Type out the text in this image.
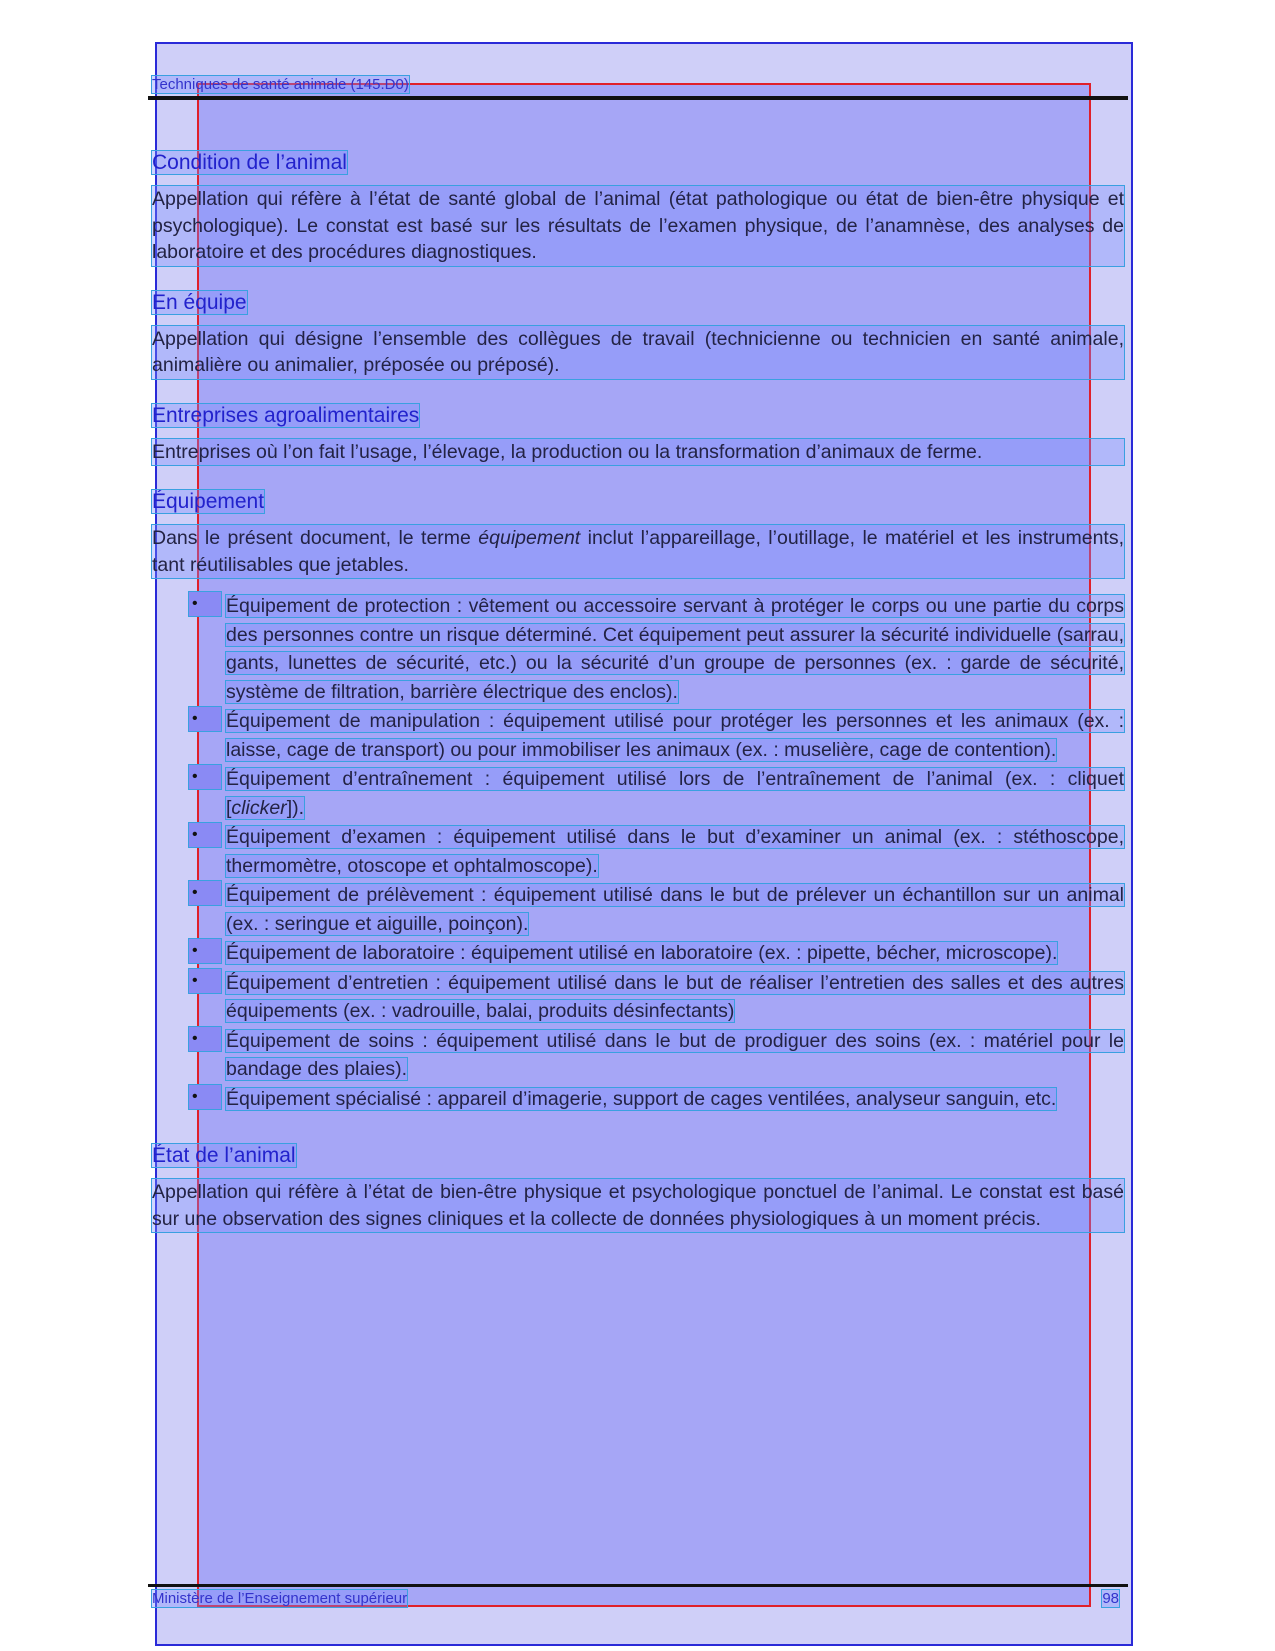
Techniques de santé animale (145.D0)
Condition de l’animal

Appellation qui réfère à l’état de santé global de l’animal (état pathologique ou état de bien-être physique et psychologique). Le constat est basé sur les résultats de l’examen physique, de l’anamnèse, des analyses de laboratoire et des procédures diagnostiques.

En équipe

Appellation qui désigne l’ensemble des collègues de travail (technicienne ou technicien en santé animale, animalière ou animalier, préposée ou préposé).

Entreprises agroalimentaires

Entreprises où l’on fait l’usage, l’élevage, la production ou la transformation d’animaux de ferme.

Équipement

Dans le présent document, le terme équipement inclut l’appareillage, l’outillage, le matériel et les instruments, tant réutilisables que jetables.

•	Équipement de protection : vêtement ou accessoire servant à protéger le corps ou une partie du corps des personnes contre un risque déterminé. Cet équipement peut assurer la sécurité individuelle (sarrau, gants, lunettes de sécurité, etc.) ou la sécurité d’un groupe de personnes (ex. : garde de sécurité, système de filtration, barrière électrique des enclos).
•	Équipement de manipulation : équipement utilisé pour protéger les personnes et les animaux (ex. : laisse, cage de transport) ou pour immobiliser les animaux (ex. : muselière, cage de contention).
•	Équipement d’entraînement : équipement utilisé lors de l’entraînement de l’animal (ex. : cliquet [clicker]).
•	Équipement d’examen : équipement utilisé dans le but d’examiner un animal (ex. : stéthoscope, thermomètre, otoscope et ophtalmoscope).
•	Équipement de prélèvement : équipement utilisé dans le but de prélever un échantillon sur un animal (ex. : seringue et aiguille, poinçon).
•	Équipement de laboratoire : équipement utilisé en laboratoire (ex. : pipette, bécher, microscope).
•	Équipement d’entretien : équipement utilisé dans le but de réaliser l’entretien des salles et des autres équipements (ex. : vadrouille, balai, produits désinfectants)
•	Équipement de soins : équipement utilisé dans le but de prodiguer des soins (ex. : matériel pour le bandage des plaies).
•	Équipement spécialisé : appareil d’imagerie, support de cages ventilées, analyseur sanguin, etc.
État de l’animal

Appellation qui réfère à l’état de bien-être physique et psychologique ponctuel de l’animal. Le constat est basé sur une observation des signes cliniques et la collecte de données physiologiques à un moment précis.

Ministère de l’Enseignement supérieur	98
